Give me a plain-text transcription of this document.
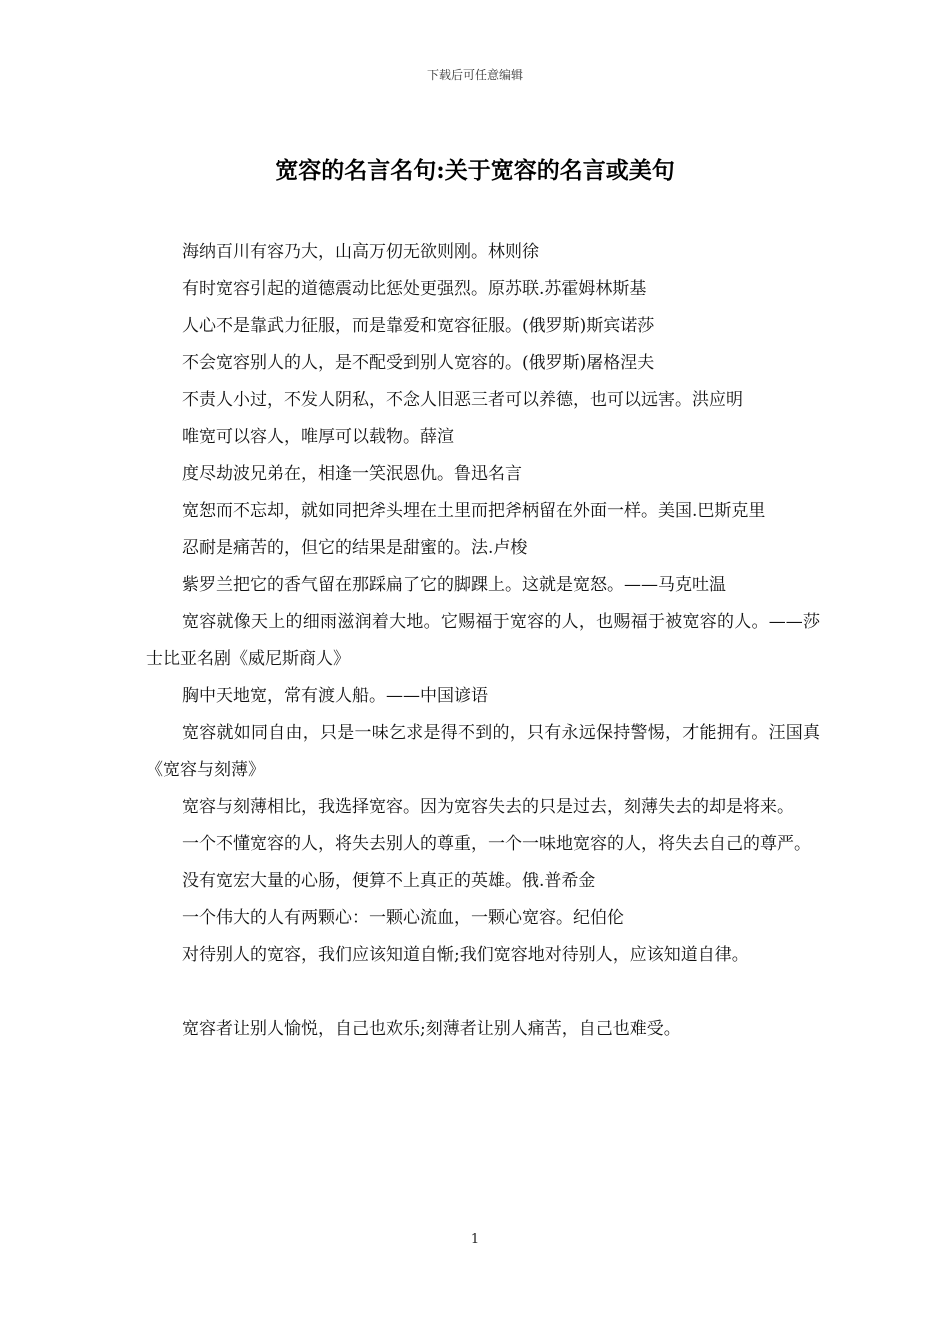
下载后可任意编辑
宽容的名言名句:关于宽容的名言或美句

海纳百川有容乃大，山高万仞无欲则刚。林则徐

有时宽容引起的道德震动比惩处更强烈。原苏联.苏霍姆林斯基

人心不是靠武力征服，而是靠爱和宽容征服。(俄罗斯)斯宾诺莎

不会宽容别人的人，是不配受到别人宽容的。(俄罗斯)屠格涅夫

不责人小过，不发人阴私，不念人旧恶三者可以养德，也可以远害。洪应明

唯宽可以容人，唯厚可以载物。薛渲

度尽劫波兄弟在，相逢一笑泯恩仇。鲁迅名言

宽恕而不忘却，就如同把斧头埋在土里而把斧柄留在外面一样。美国.巴斯克里

忍耐是痛苦的，但它的结果是甜蜜的。法.卢梭

紫罗兰把它的香气留在那踩扁了它的脚踝上。这就是宽怒。——马克吐温

宽容就像天上的细雨滋润着大地。它赐福于宽容的人，也赐福于被宽容的人。——莎士比亚名剧《威尼斯商人》

胸中天地宽，常有渡人船。——中国谚语

宽容就如同自由，只是一味乞求是得不到的，只有永远保持警惕，才能拥有。汪国真《宽容与刻薄》

宽容与刻薄相比，我选择宽容。因为宽容失去的只是过去，刻薄失去的却是将来。

一个不懂宽容的人，将失去别人的尊重，一个一味地宽容的人，将失去自己的尊严。

没有宽宏大量的心肠，便算不上真正的英雄。俄.普希金

一个伟大的人有两颗心：一颗心流血，一颗心宽容。纪伯伦

对待别人的宽容，我们应该知道自惭;我们宽容地对待别人，应该知道自律。

宽容者让别人愉悦，自己也欢乐;刻薄者让别人痛苦，自己也难受。

1
